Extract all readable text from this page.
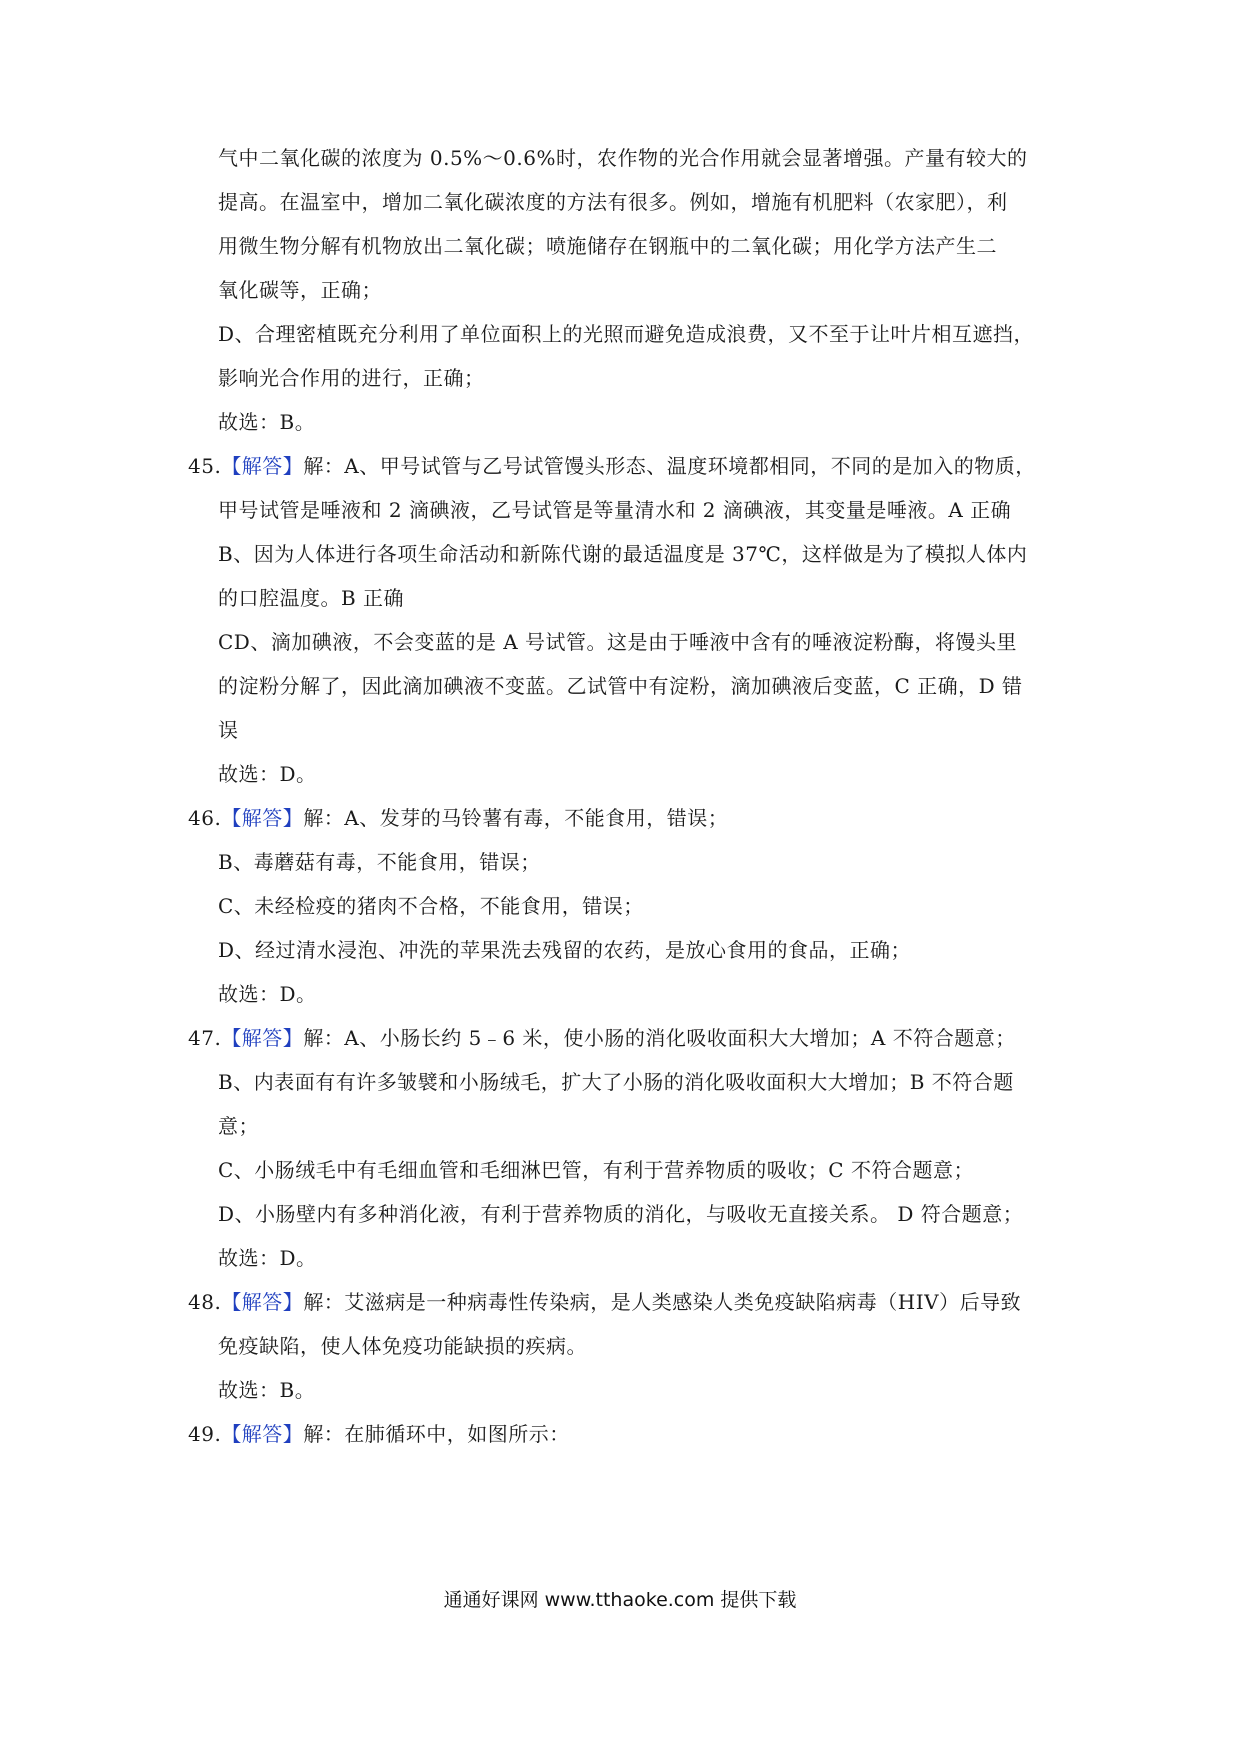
气中二氧化碳的浓度为 0.5%～0.6%时，农作物的光合作用就会显著增强。产量有较大的
提高。在温室中，增加二氧化碳浓度的方法有很多。例如，增施有机肥料（农家肥），利
用微生物分解有机物放出二氧化碳；喷施储存在钢瓶中的二氧化碳；用化学方法产生二
氧化碳等，正确；
D、合理密植既充分利用了单位面积上的光照而避免造成浪费，又不至于让叶片相互遮挡，
影响光合作用的进行，正确；
故选：B。
45.【解答】解：A、甲号试管与乙号试管馒头形态、温度环境都相同，不同的是加入的物质，
甲号试管是唾液和 2 滴碘液，乙号试管是等量清水和 2 滴碘液，其变量是唾液。A 正确
B、因为人体进行各项生命活动和新陈代谢的最适温度是 37℃，这样做是为了模拟人体内
的口腔温度。B 正确
CD、滴加碘液，不会变蓝的是 A 号试管。这是由于唾液中含有的唾液淀粉酶，将馒头里
的淀粉分解了，因此滴加碘液不变蓝。乙试管中有淀粉，滴加碘液后变蓝，C 正确，D 错
误
故选：D。
46.【解答】解：A、发芽的马铃薯有毒，不能食用，错误；
B、毒蘑菇有毒，不能食用，错误；
C、未经检疫的猪肉不合格，不能食用，错误；
D、经过清水浸泡、冲洗的苹果洗去残留的农药，是放心食用的食品，正确；
故选：D。
47.【解答】解：A、小肠长约 5﹣6 米，使小肠的消化吸收面积大大增加；A 不符合题意；
B、内表面有有许多皱襞和小肠绒毛，扩大了小肠的消化吸收面积大大增加；B 不符合题
意；
C、小肠绒毛中有毛细血管和毛细淋巴管，有利于营养物质的吸收；C 不符合题意；
D、小肠壁内有多种消化液，有利于营养物质的消化，与吸收无直接关系。 D 符合题意；
故选：D。
48.【解答】解：艾滋病是一种病毒性传染病，是人类感染人类免疫缺陷病毒（HIV）后导致
免疫缺陷，使人体免疫功能缺损的疾病。
故选：B。
49.【解答】解：在肺循环中，如图所示：
通通好课网 www.tthaoke.com 提供下载
